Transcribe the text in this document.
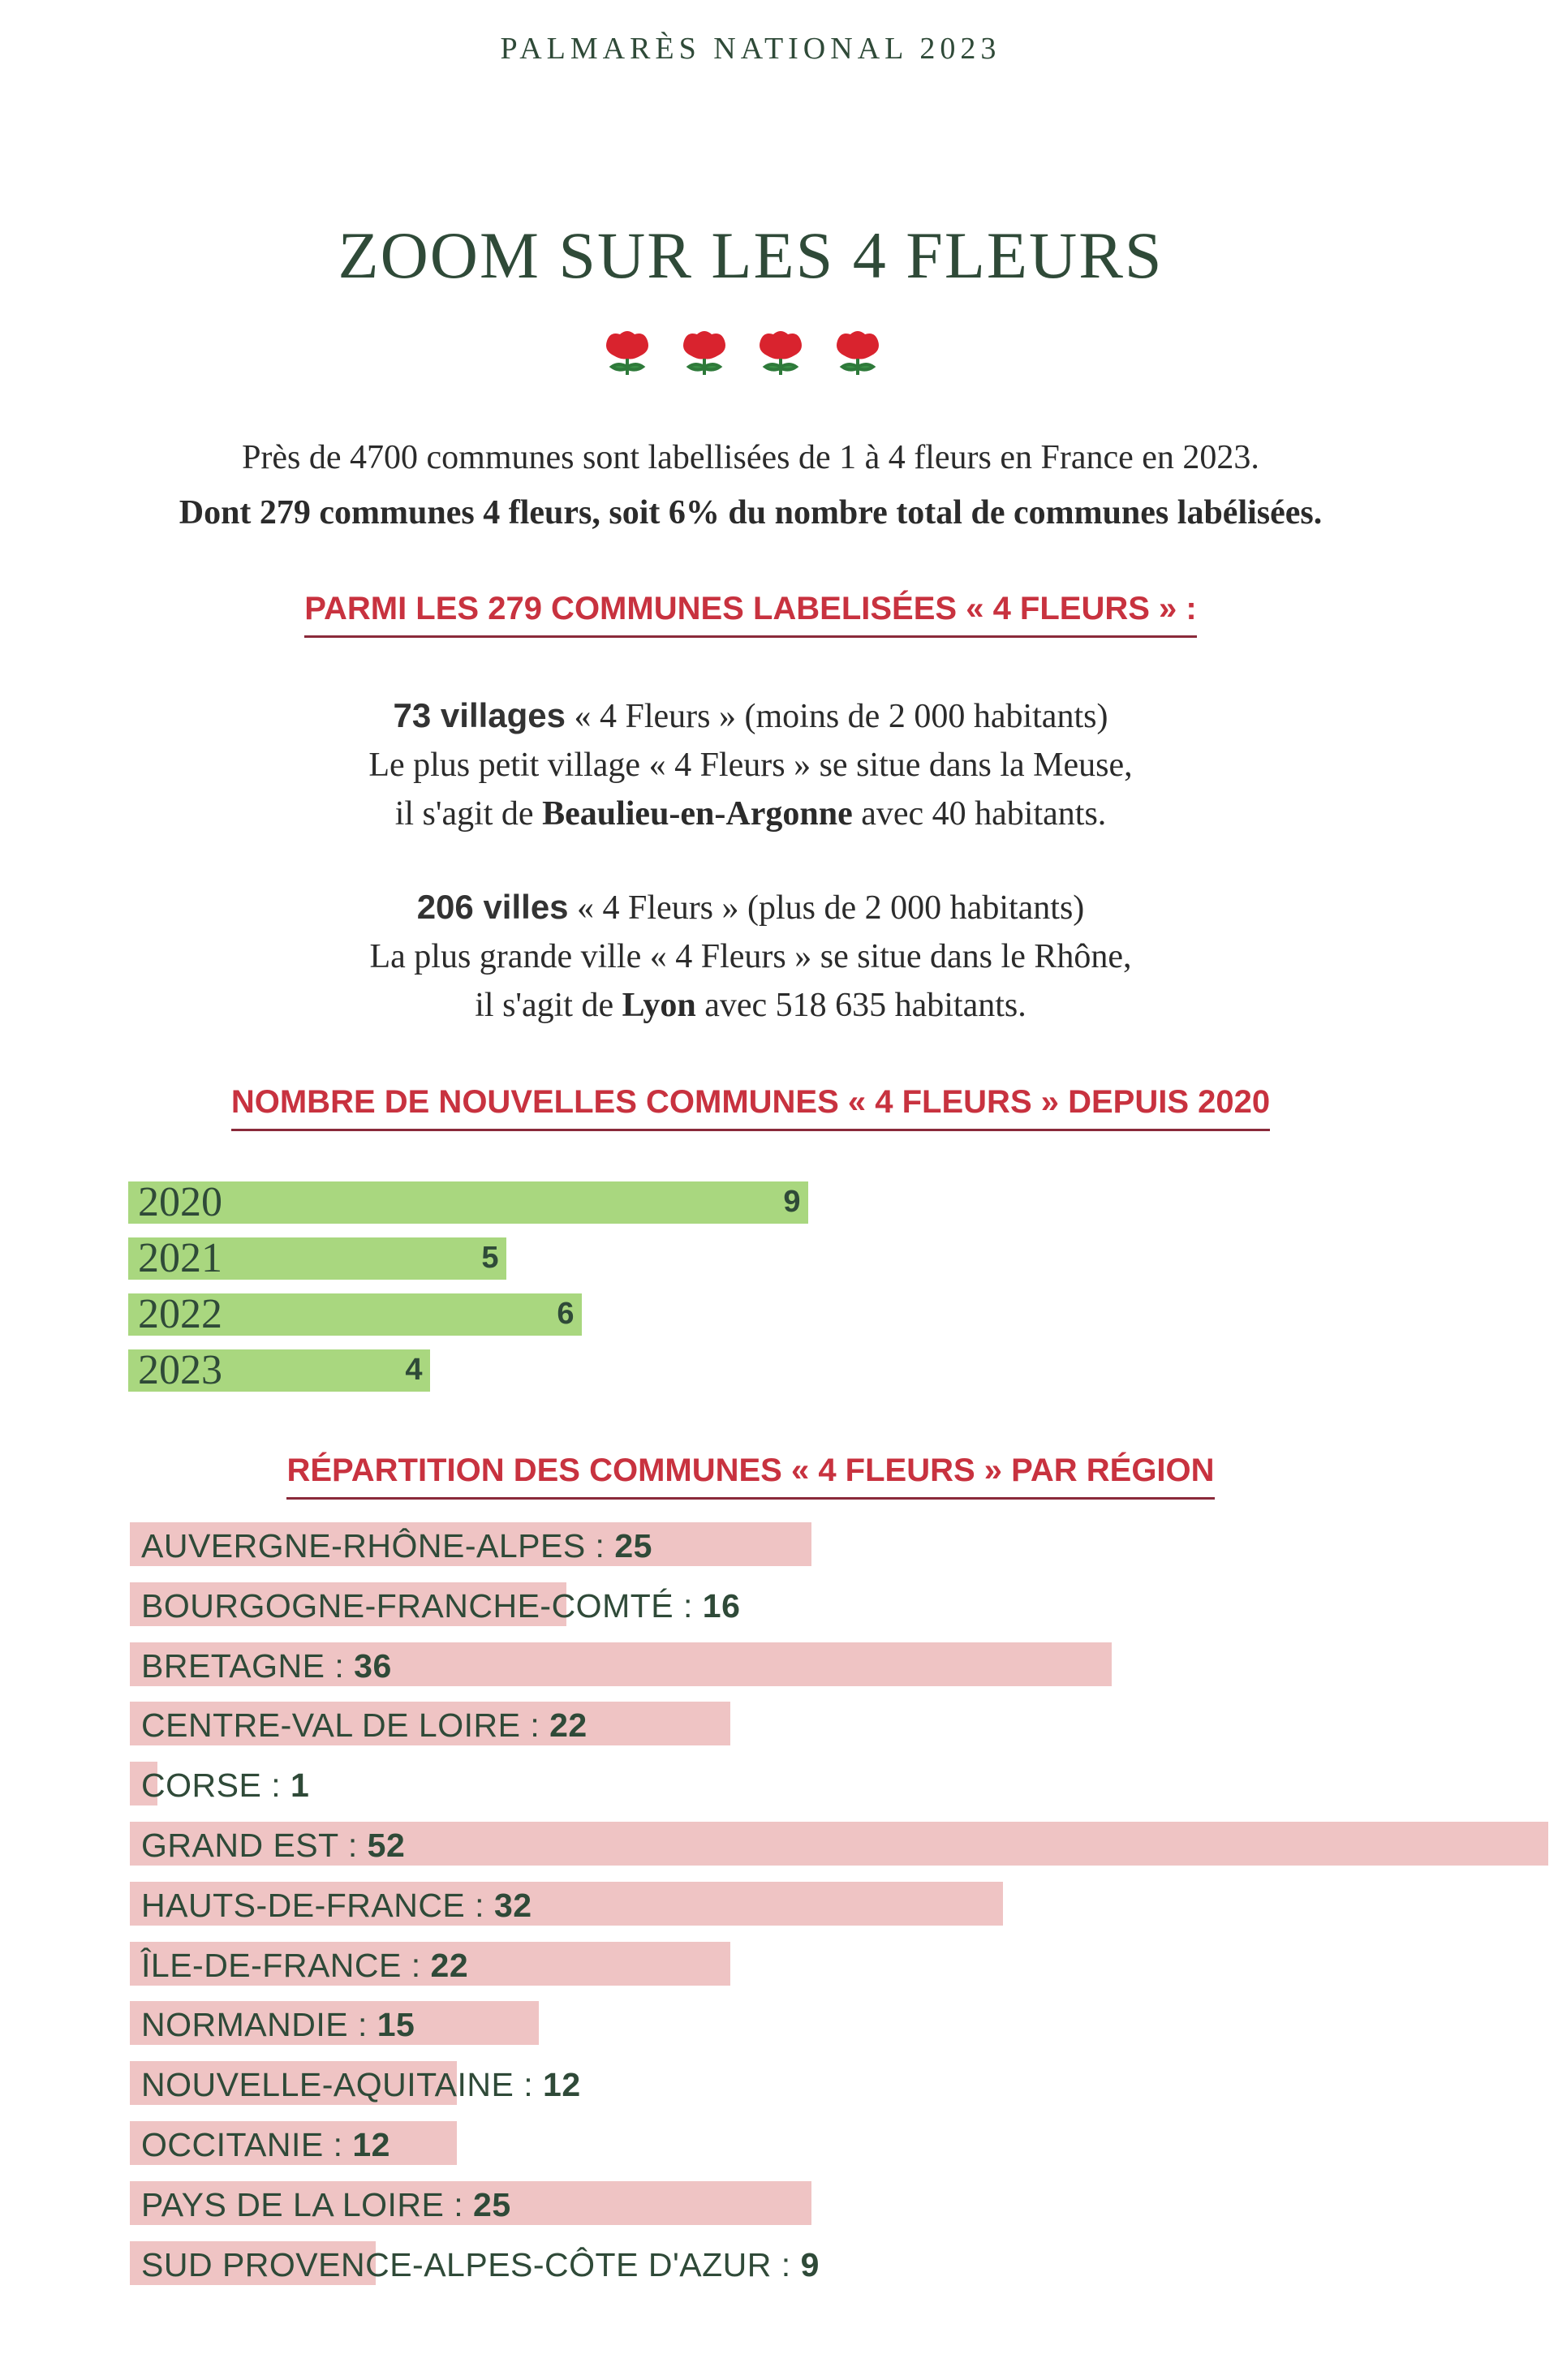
PALMARÈS NATIONAL 2023
ZOOM SUR LES 4 FLEURS
Près de 4700 communes sont labellisées de 1 à 4 fleurs en France en 2023.
Dont 279 communes 4 fleurs, soit 6% du nombre total de communes labélisées.
PARMI LES 279 COMMUNES LABELISÉES « 4 FLEURS » :
73 villages « 4 Fleurs » (moins de 2 000 habitants)
Le plus petit village « 4 Fleurs » se situe dans la Meuse,
il s'agit de Beaulieu-en-Argonne avec 40 habitants.
206 villes « 4 Fleurs » (plus de 2 000 habitants)
La plus grande ville « 4 Fleurs » se situe dans le Rhône,
il s'agit de Lyon avec 518 635 habitants.
NOMBRE DE NOUVELLES COMMUNES « 4 FLEURS » DEPUIS 2020
2020	9
2021	5
2022	6
2023	4
RÉPARTITION DES COMMUNES « 4 FLEURS » PAR RÉGION
AUVERGNE-RHÔNE-ALPES : 25
BOURGOGNE-FRANCHE-COMTÉ : 16
BRETAGNE : 36
CENTRE-VAL DE LOIRE : 22
CORSE : 1
GRAND EST : 52
HAUTS-DE-FRANCE : 32
ÎLE-DE-FRANCE : 22
NORMANDIE : 15
NOUVELLE-AQUITAINE : 12
OCCITANIE : 12
PAYS DE LA LOIRE : 25
SUD PROVENCE-ALPES-CÔTE D'AZUR : 9
